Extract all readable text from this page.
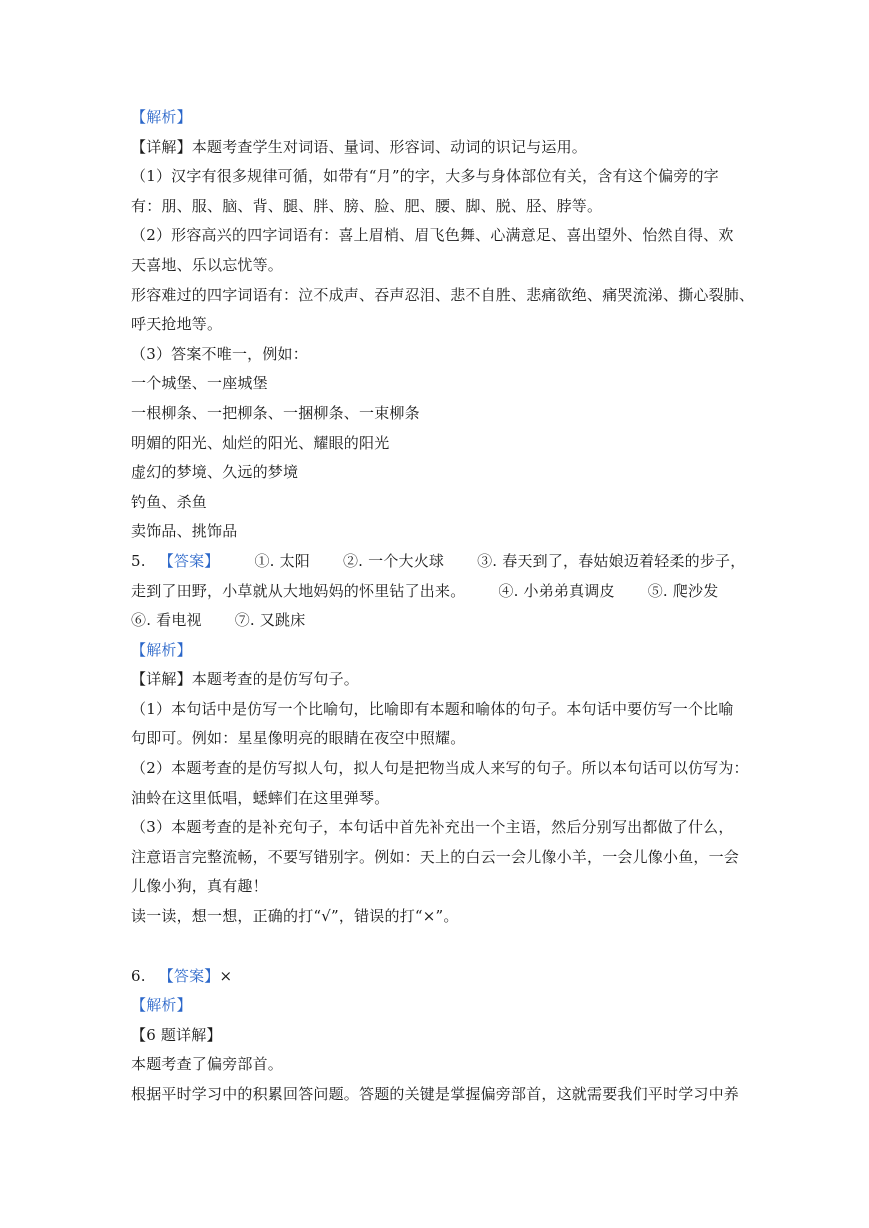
【解析】
【详解】本题考查学生对词语、量词、形容词、动词的识记与运用。
（1）汉字有很多规律可循，如带有“月”的字，大多与身体部位有关，含有这个偏旁的字
有：朋、服、脑、背、腿、胖、膀、脸、肥、腰、脚、脱、胫、脖等。
（2）形容高兴的四字词语有：喜上眉梢、眉飞色舞、心满意足、喜出望外、怡然自得、欢
天喜地、乐以忘忧等。
形容难过的四字词语有：泣不成声、吞声忍泪、悲不自胜、悲痛欲绝、痛哭流涕、撕心裂肺、
呼天抢地等。
（3）答案不唯一，例如：
一个城堡、一座城堡
一根柳条、一把柳条、一捆柳条、一束柳条
明媚的阳光、灿烂的阳光、耀眼的阳光
虚幻的梦境、久远的梦境
钓鱼、杀鱼
卖饰品、挑饰品
5. 【答案】 ①. 太阳 ②. 一个大火球 ③. 春天到了，春姑娘迈着轻柔的步子，
走到了田野，小草就从大地妈妈的怀里钻了出来。 ④. 小弟弟真调皮 ⑤. 爬沙发
⑥. 看电视 ⑦. 又跳床
【解析】
【详解】本题考查的是仿写句子。
（1）本句话中是仿写一个比喻句，比喻即有本题和喻体的句子。本句话中要仿写一个比喻
句即可。例如：星星像明亮的眼睛在夜空中照耀。
（2）本题考查的是仿写拟人句，拟人句是把物当成人来写的句子。所以本句话可以仿写为：
油蛉在这里低唱，蟋蟀们在这里弹琴。
（3）本题考查的是补充句子，本句话中首先补充出一个主语，然后分别写出都做了什么，
注意语言完整流畅，不要写错别字。例如：天上的白云一会儿像小羊，一会儿像小鱼，一会
儿像小狗，真有趣！
读一读，想一想，正确的打“√”，错误的打“×”。
6. 【答案】×
【解析】
【6 题详解】
本题考查了偏旁部首。
根据平时学习中的积累回答问题。答题的关键是掌握偏旁部首，这就需要我们平时学习中养
